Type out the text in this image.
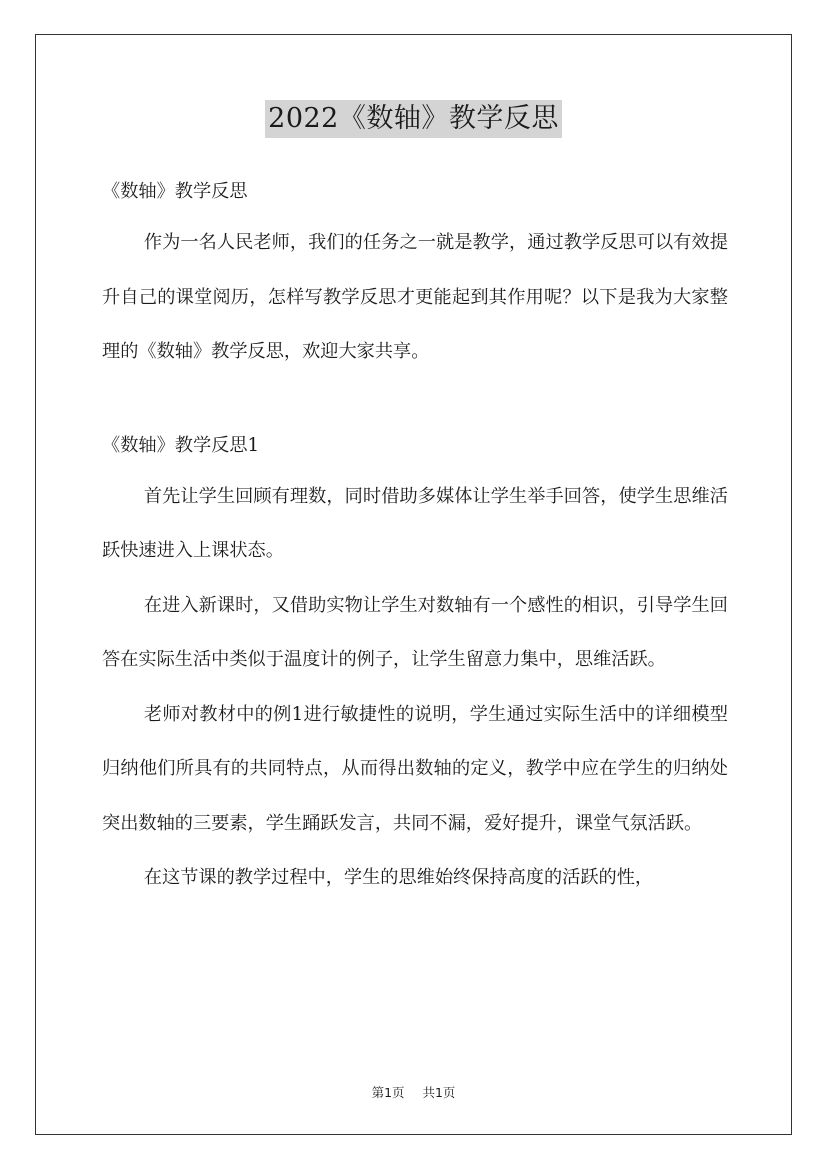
2022《数轴》教学反思

《数轴》教学反思

作为一名人民老师，我们的任务之一就是教学，通过教学反思可以有效提升自己的课堂阅历，怎样写教学反思才更能起到其作用呢？以下是我为大家整理的《数轴》教学反思，欢迎大家共享。

《数轴》教学反思1

首先让学生回顾有理数，同时借助多媒体让学生举手回答，使学生思维活跃快速进入上课状态。

在进入新课时，又借助实物让学生对数轴有一个感性的相识，引导学生回答在实际生活中类似于温度计的例子，让学生留意力集中，思维活跃。

老师对教材中的例1进行敏捷性的说明，学生通过实际生活中的详细模型归纳他们所具有的共同特点，从而得出数轴的定义，教学中应在学生的归纳处突出数轴的三要素，学生踊跃发言，共同不漏，爱好提升，课堂气氛活跃。

在这节课的教学过程中，学生的思维始终保持高度的活跃的性，

第1页 共1页
